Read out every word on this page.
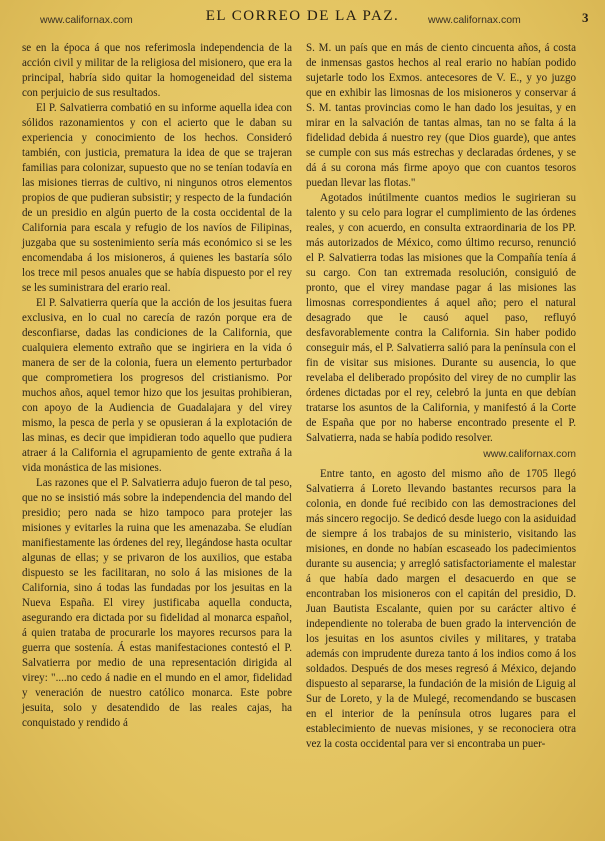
www.californax.com	EL CORREO DE LA PAZ.	www.californax.com	3

se en la época á que nos referimosla independencia de la acción civil y militar de la religiosa del misionero, que era la principal, habría sido quitar la homogeneidad del sistema con perjuicio de sus resultados.

El P. Salvatierra combatió en su informe aquella idea con sólidos razonamientos y con el acierto que le daban su experiencia y conocimiento de los hechos. Consideró también, con justicia, prematura la idea de que se trajeran familias para colonizar, supuesto que no se tenían todavía en las misiones tierras de cultivo, ni ningunos otros elementos propios de que pudieran subsistir; y respecto de la fundación de un presidio en algún puerto de la costa occidental de la California para escala y refugio de los navíos de Filipinas, juzgaba que su sostenimiento sería más económico si se les encomendaba á los misioneros, á quienes les bastaría sólo los trece mil pesos anuales que se había dispuesto por el rey se les suministrara del erario real.

El P. Salvatierra quería que la acción de los jesuitas fuera exclusiva, en lo cual no carecía de razón porque era de desconfiarse, dadas las condiciones de la California, que cualquiera elemento extraño que se ingiriera en la vida ó manera de ser de la colonia, fuera un elemento perturbador que comprometiera los progresos del cristianismo. Por muchos años, aquel temor hizo que los jesuitas prohibieran, con apoyo de la Audiencia de Guadalajara y del virey mismo, la pesca de perla y se opusieran á la explotación de las minas, es decir que impidieran todo aquello que pudiera atraer á la California el agrupamiento de gente extraña á la vida monástica de las misiones.

Las razones que el P. Salvatierra adujo fueron de tal peso, que no se insistió más sobre la independencia del mando del presidio; pero nada se hizo tampoco para protejer las misiones y evitarles la ruina que les amenazaba. Se eludían manifiestamente las órdenes del rey, llegándose hasta ocultar algunas de ellas; y se privaron de los auxilios, que estaba dispuesto se les facilitaran, no solo á las misiones de la California, sino á todas las fundadas por los jesuitas en la Nueva España. El virey justificaba aquella conducta, asegurando era dictada por su fidelidad al monarca español, á quien trataba de procurarle los mayores recursos para la guerra que sostenía. Á estas manifestaciones contestó el P. Salvatierra por medio de una representación dirigida al virey: "....no cedo á nadie en el mundo en el amor, fidelidad y veneración de nuestro católico monarca. Este pobre jesuita, solo y desatendido de las reales cajas, ha conquistado y rendido á

S. M. un país que en más de ciento cincuenta años, á costa de inmensas gastos hechos al real erario no habían podido sujetarle todo los Exmos. antecesores de V. E., y yo juzgo que en exhibir las limosnas de los misioneros y conservar á S. M. tantas provincias como le han dado los jesuitas, y en mirar en la salvación de tantas almas, tan no se falta á la fidelidad debida á nuestro rey (que Dios guarde), que antes se cumple con sus más estrechas y declaradas órdenes, y se dá á su corona más firme apoyo que con cuantos tesoros puedan llevar las flotas."

Agotados inútilmente cuantos medios le sugirieran su talento y su celo para lograr el cumplimiento de las órdenes reales, y con acuerdo, en consulta extraordinaria de los PP. más autorizados de México, como último recurso, renunció el P. Salvatierra todas las misiones que la Compañía tenía á su cargo. Con tan extremada resolución, consiguió de pronto, que el virey mandase pagar á las misiones las limosnas correspondientes á aquel año; pero el natural desagrado que le causó aquel paso, refluyó desfavorablemente contra la California. Sin haber podido conseguir más, el P. Salvatierra salió para la península con el fin de visitar sus misiones. Durante su ausencia, lo que revelaba el deliberado propósito del virey de no cumplir las órdenes dictadas por el rey, celebró la junta en que debían tratarse los asuntos de la California, y manifestó á la Corte de España que por no haberse encontrado presente el P. Salvatierra, nada se había podido resolver.

www.californax.com

Entre tanto, en agosto del mismo año de 1705 llegó Salvatierra á Loreto llevando bastantes recursos para la colonia, en donde fué recibido con las demostraciones del más sincero regocijo. Se dedicó desde luego con la asiduidad de siempre á los trabajos de su ministerio, visitando las misiones, en donde no habían escaseado los padecimientos durante su ausencia; y arregló satisfactoriamente el malestar á que había dado margen el desacuerdo en que se encontraban los misioneros con el capitán del presidio, D. Juan Bautista Escalante, quien por su carácter altivo é independiente no toleraba de buen grado la intervención de los jesuitas en los asuntos civiles y militares, y trataba además con imprudente dureza tanto á los indios como á los soldados. Después de dos meses regresó á México, dejando dispuesto al separarse, la fundación de la misión de Liguig al Sur de Loreto, y la de Mulegé, recomendando se buscasen en el interior de la península otros lugares para el establecimiento de nuevas misiones, y se reconociera otra vez la costa occidental para ver si encontraba un puer-
